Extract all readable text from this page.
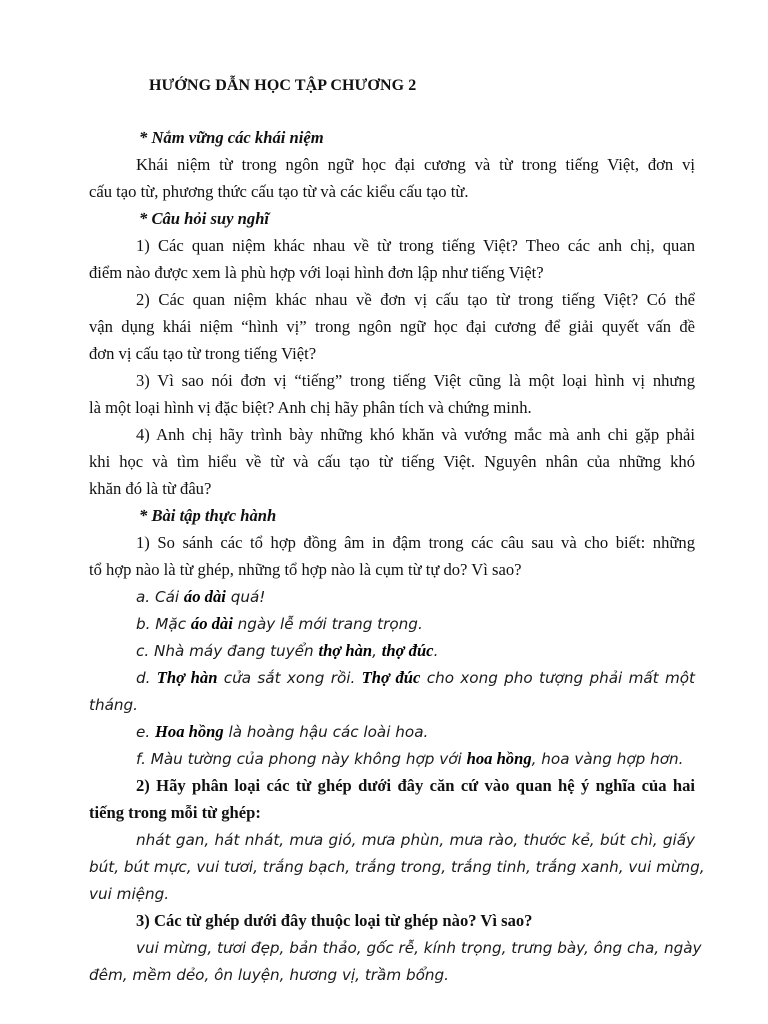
HƯỚNG DẪN HỌC TẬP CHƯƠNG 2
* Nắm vững các khái niệm
Khái niệm từ trong ngôn ngữ học đại cương và từ trong tiếng Việt, đơn vị
cấu tạo từ, phương thức cấu tạo từ và các kiểu cấu tạo từ.
* Câu hỏi suy nghĩ
1) Các quan niệm khác nhau về từ trong tiếng Việt? Theo các anh chị, quan
điểm nào được xem là phù hợp với loại hình đơn lập như tiếng Việt?
2) Các quan niệm khác nhau về đơn vị cấu tạo từ trong tiếng Việt? Có thể
vận dụng khái niệm “hình vị” trong ngôn ngữ học đại cương để giải quyết vấn đề
đơn vị cấu tạo từ trong tiếng Việt?
3) Vì sao nói đơn vị “tiếng” trong tiếng Việt cũng là một loại hình vị nhưng
là một loại hình vị đặc biệt? Anh chị hãy phân tích và chứng minh.
4) Anh chị hãy trình bày những khó khăn và vướng mắc mà anh chi gặp phải
khi học và tìm hiểu về từ và cấu tạo từ tiếng Việt. Nguyên nhân của những khó
khăn đó là từ đâu?
* Bài tập thực hành
1) So sánh các tổ hợp đồng âm in đậm trong các câu sau và cho biết: những
tổ hợp nào là từ ghép, những tổ hợp nào là cụm từ tự do? Vì sao?
a. Cái áo dài quá!
b. Mặc áo dài ngày lễ mới trang trọng.
c. Nhà máy đang tuyển thợ hàn, thợ đúc.
d. Thợ hàn cửa sắt xong rồi. Thợ đúc cho xong pho tượng phải mất một
tháng.
e. Hoa hồng là hoàng hậu các loài hoa.
f. Màu tường của phong này không hợp với hoa hồng, hoa vàng hợp hơn.
2) Hãy phân loại các từ ghép dưới đây căn cứ vào quan hệ ý nghĩa của hai
tiếng trong mỗi từ ghép:
nhát gan, hát nhát, mưa gió, mưa phùn, mưa rào, thước kẻ, bút chì, giấy
bút, bút mực, vui tươi, trắng bạch, trắng trong, trắng tinh, trắng xanh, vui mừng,
vui miệng.
3) Các từ ghép dưới đây thuộc loại từ ghép nào? Vì sao?
vui mừng, tươi đẹp, bản thảo, gốc rễ, kính trọng, trưng bày, ông cha, ngày
đêm, mềm dẻo, ôn luyện, hương vị, trầm bổng.
